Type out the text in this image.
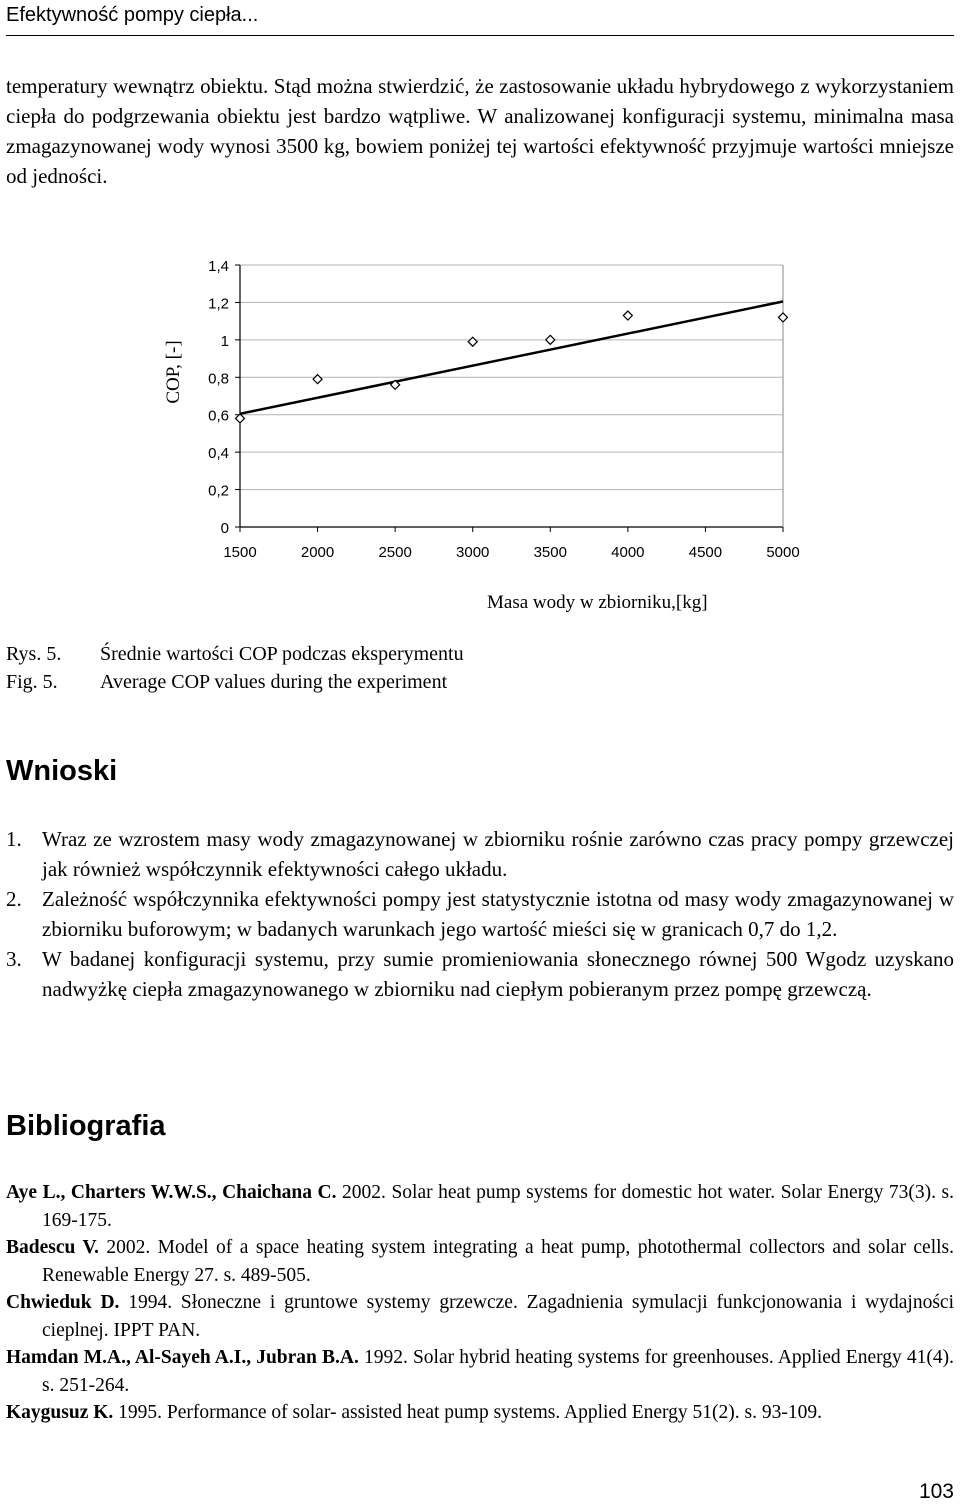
Efektywność pompy ciepła...

temperatury wewnątrz obiektu. Stąd można stwierdzić, że zastosowanie układu hybrydowego z wykorzystaniem ciepła do podgrzewania obiektu jest bardzo wątpliwe. W analizowanej konfiguracji systemu, minimalna masa zmagazynowanej wody wynosi 3500 kg, bowiem poniżej tej wartości efektywność przyjmuje wartości mniejsze od jedności.

0
0,2
0,4
0,6
0,8
1
1,2
1,4
1500	2000	2500	3000	3500	4000	4500	5000
COP, [-]
Masa wody w zbiorniku,[kg]
Rys. 5.	Średnie wartości COP podczas eksperymentu
Fig. 5.	Average COP values during the experiment
Wnioski
1. Wraz ze wzrostem masy wody zmagazynowanej w zbiorniku rośnie zarówno czas pracy pompy grzewczej jak również współczynnik efektywności całego układu.
2. Zależność współczynnika efektywności pompy jest statystycznie istotna od masy wody zmagazynowanej w zbiorniku buforowym; w badanych warunkach jego wartość mieści się w granicach 0,7 do 1,2.
3. W badanej konfiguracji systemu, przy sumie promieniowania słonecznego równej 500 Wgodz uzyskano nadwyżkę ciepła zmagazynowanego w zbiorniku nad ciepłym pobieranym przez pompę grzewczą.
Bibliografia
Aye L., Charters W.W.S., Chaichana C. 2002. Solar heat pump systems for domestic hot water. Solar Energy 73(3). s. 169-175.
Badescu V. 2002. Model of a space heating system integrating a heat pump, photothermal collectors and solar cells. Renewable Energy 27. s. 489-505.
Chwieduk D. 1994. Słoneczne i gruntowe systemy grzewcze. Zagadnienia symulacji funkcjonowania i wydajności cieplnej. IPPT PAN.
Hamdan M.A., Al-Sayeh A.I., Jubran B.A. 1992. Solar hybrid heating systems for greenhouses. Applied Energy 41(4). s. 251-264.
Kaygusuz K. 1995. Performance of solar- assisted heat pump systems. Applied Energy 51(2). s. 93-109.
103
